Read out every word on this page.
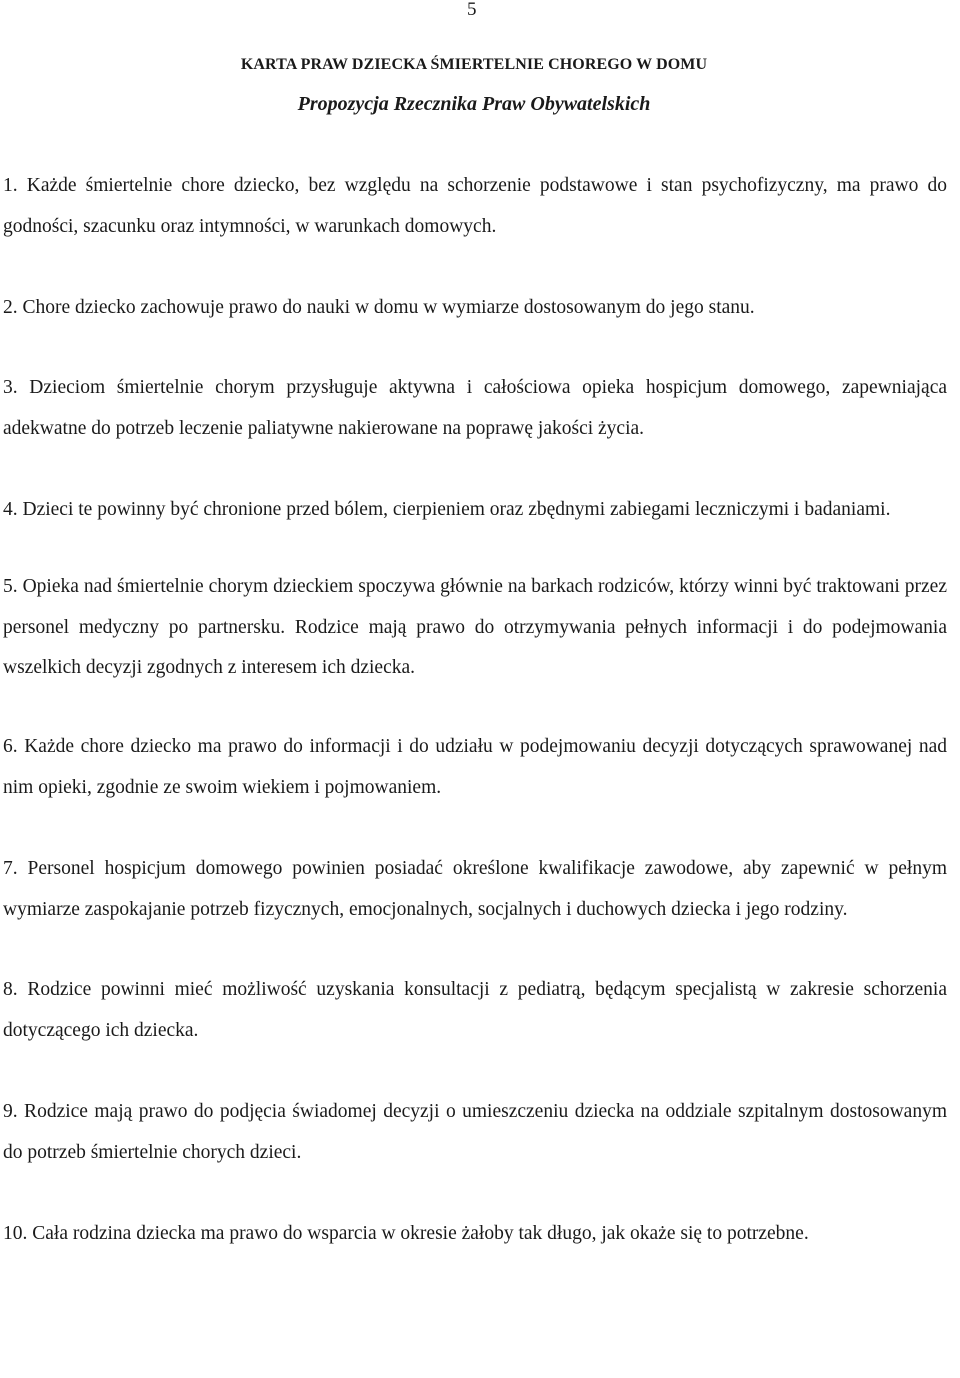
5
KARTA PRAW DZIECKA ŚMIERTELNIE CHOREGO W DOMU
Propozycja Rzecznika Praw Obywatelskich

1. Każde śmiertelnie chore dziecko, bez względu na schorzenie podstawowe i stan psychofizyczny, ma prawo do godności, szacunku oraz intymności, w warunkach domowych.

2. Chore dziecko zachowuje prawo do nauki w domu w wymiarze dostosowanym do jego stanu.

3. Dzieciom śmiertelnie chorym przysługuje aktywna i całościowa opieka hospicjum domowego, zapewniająca adekwatne do potrzeb leczenie paliatywne nakierowane na poprawę jakości życia.

4. Dzieci te powinny być chronione przed bólem, cierpieniem oraz zbędnymi zabiegami leczniczymi i badaniami.

5. Opieka nad śmiertelnie chorym dzieckiem spoczywa głównie na barkach rodziców, którzy winni być traktowani przez personel medyczny po partnersku. Rodzice mają prawo do otrzymywania pełnych informacji i do podejmowania wszelkich decyzji zgodnych z interesem ich dziecka.

6. Każde chore dziecko ma prawo do informacji i do udziału w podejmowaniu decyzji dotyczących sprawowanej nad nim opieki, zgodnie ze swoim wiekiem i pojmowaniem.

7. Personel hospicjum domowego powinien posiadać określone kwalifikacje zawodowe, aby zapewnić w pełnym wymiarze zaspokajanie potrzeb fizycznych, emocjonalnych, socjalnych i duchowych dziecka i jego rodziny.

8. Rodzice powinni mieć możliwość uzyskania konsultacji z pediatrą, będącym specjalistą w zakresie schorzenia dotyczącego ich dziecka.

9. Rodzice mają prawo do podjęcia świadomej decyzji o umieszczeniu dziecka na oddziale szpitalnym dostosowanym do potrzeb śmiertelnie chorych dzieci.

10. Cała rodzina dziecka ma prawo do wsparcia w okresie żałoby tak długo, jak okaże się to potrzebne.
